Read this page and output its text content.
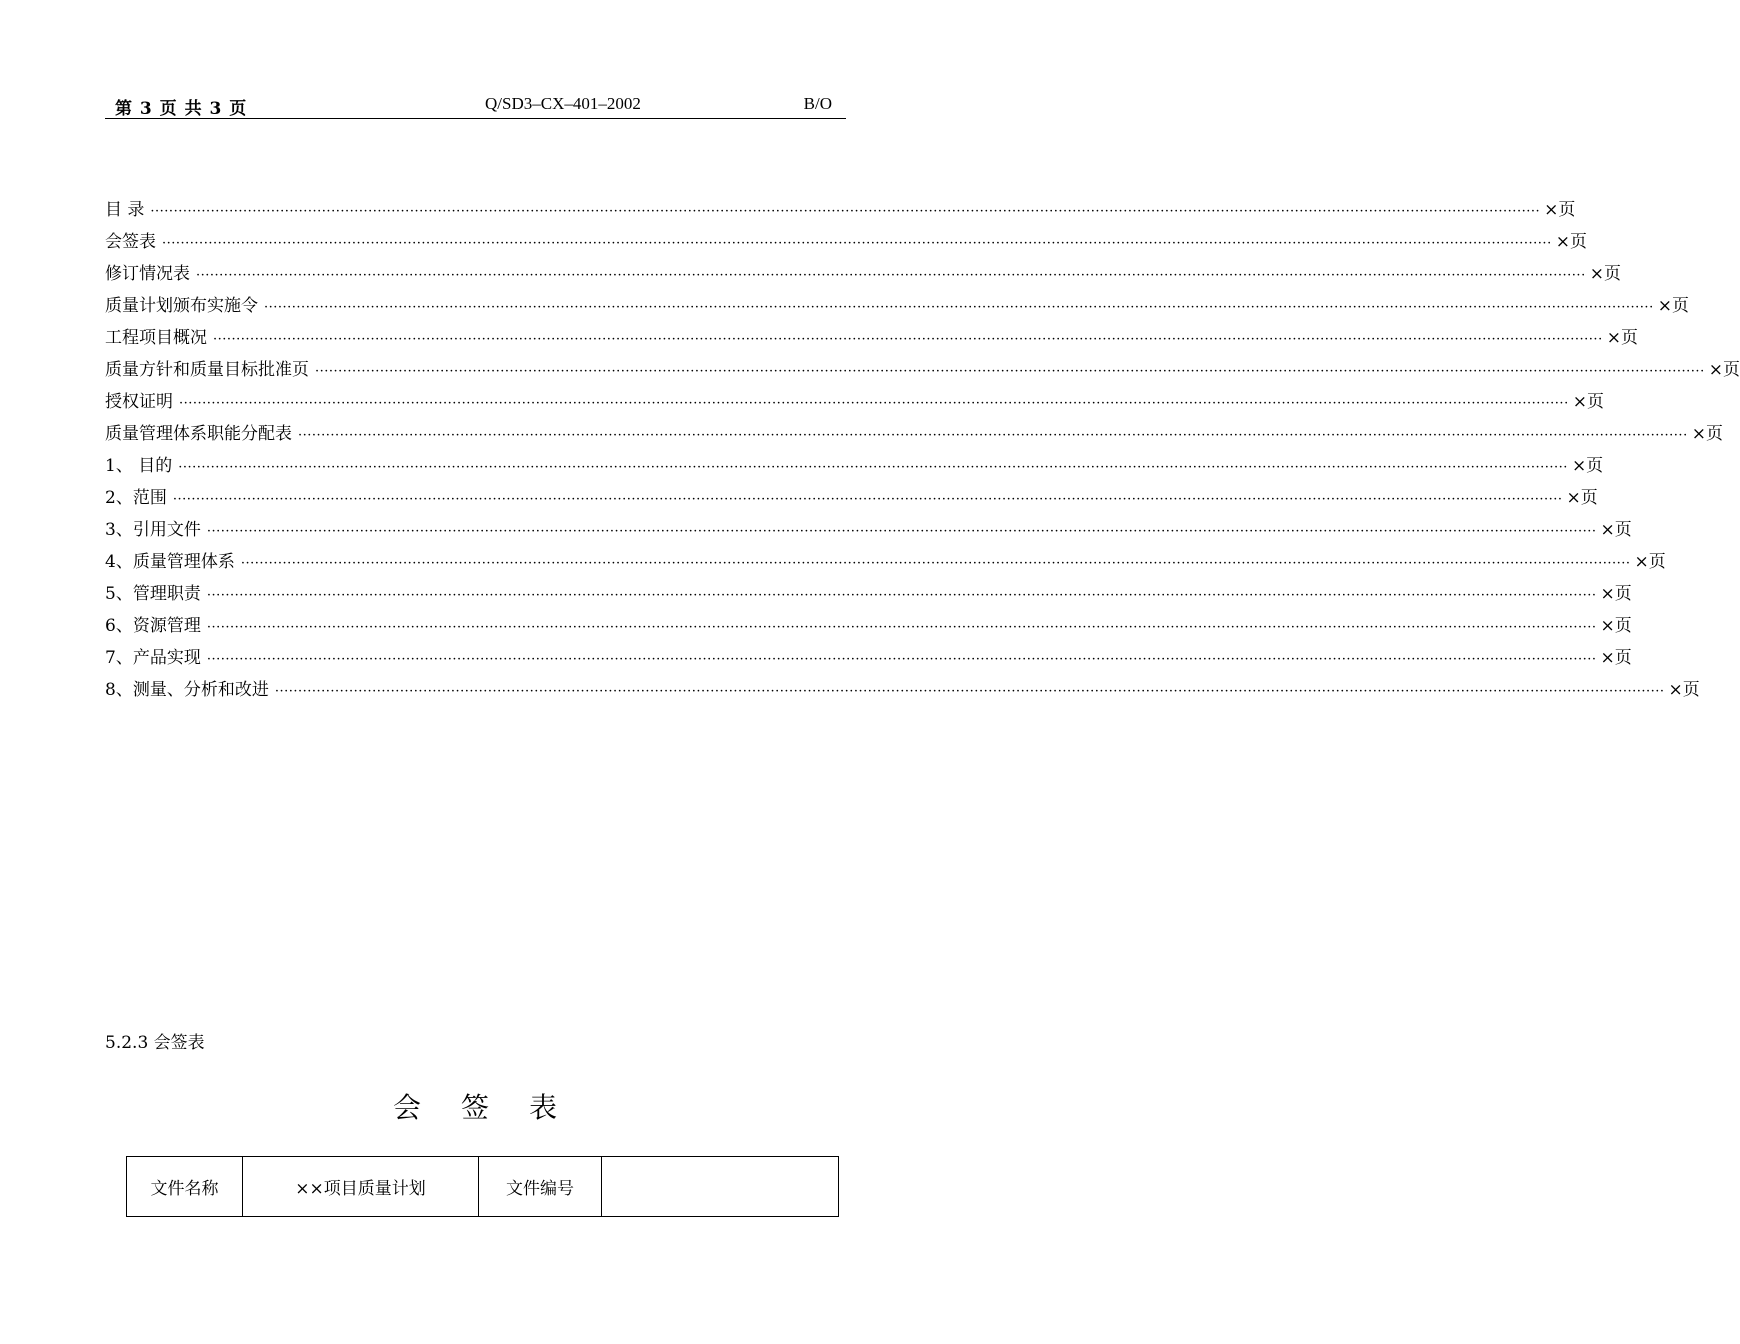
第 3 页 共 3 页	Q/SD3–CX–401–2002	B/O
目 录 ············································································································································································································································································································ ×页
会签表 ············································································································································································································································································································ ×页
修订情况表 ············································································································································································································································································································ ×页
质量计划颁布实施令 ············································································································································································································································································································ ×页
工程项目概况 ············································································································································································································································································································ ×页
质量方针和质量目标批准页 ············································································································································································································································································································ ×页
授权证明 ············································································································································································································································································································ ×页
质量管理体系职能分配表 ············································································································································································································································································································ ×页
1、 目的 ············································································································································································································································································································ ×页
2、范围 ············································································································································································································································································································ ×页
3、引用文件 ············································································································································································································································································································ ×页
4、质量管理体系 ············································································································································································································································································································ ×页
5、管理职责 ············································································································································································································································································································ ×页
6、资源管理 ············································································································································································································································································································ ×页
7、产品实现 ············································································································································································································································································································ ×页
8、测量、分析和改进 ············································································································································································································································································································ ×页
5.2.3 会签表
会签表
文件名称	××项目质量计划	文件编号	
